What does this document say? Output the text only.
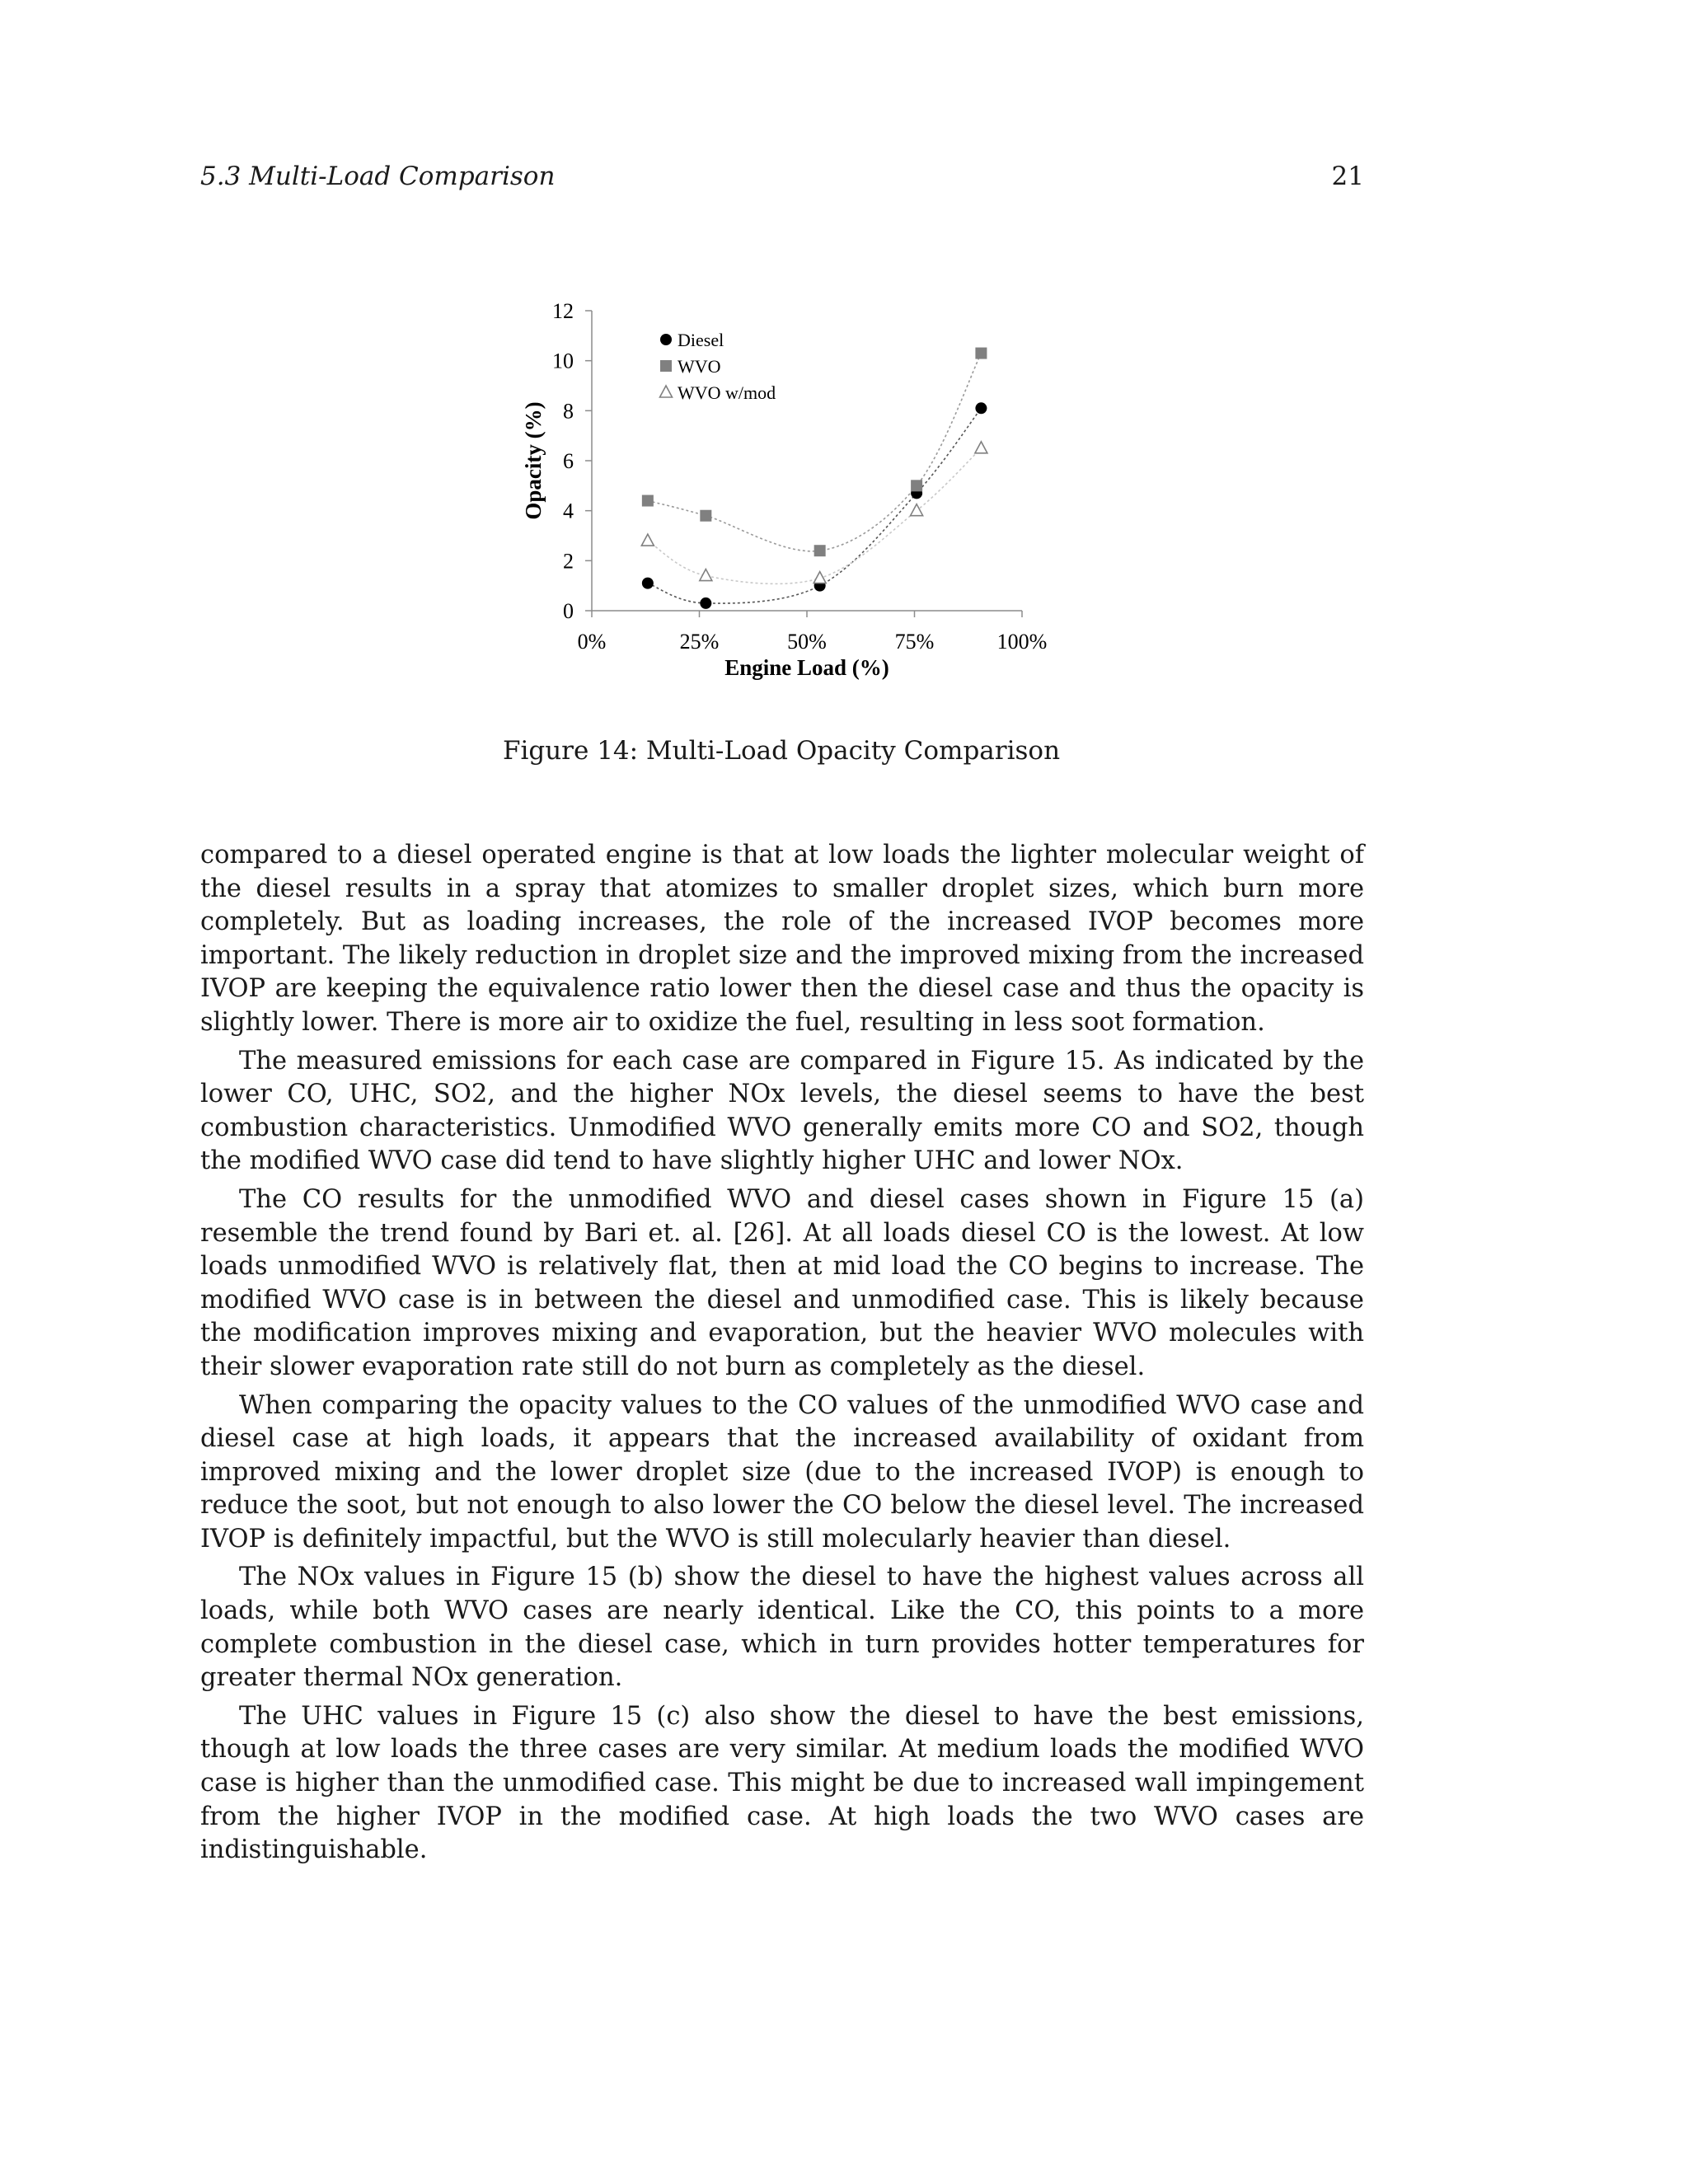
5.3 Multi-Load Comparison	21
0
2
4
6
8
10
12
0%	25%	50%	75%	100%
Engine Load (%)
Opacity (%)
Diesel
WVO
WVO w/mod
Figure 14: Multi-Load Opacity Comparison

compared to a diesel operated engine is that at low loads the lighter molecular weight of the diesel results in a spray that atomizes to smaller droplet sizes, which burn more completely. But as loading increases, the role of the increased IVOP becomes more important. The likely reduction in droplet size and the improved mixing from the increased IVOP are keeping the equivalence ratio lower then the diesel case and thus the opacity is slightly lower. There is more air to oxidize the fuel, resulting in less soot formation.

The measured emissions for each case are compared in Figure 15. As indicated by the lower CO, UHC, SO2, and the higher NOx levels, the diesel seems to have the best combustion characteristics. Unmodified WVO generally emits more CO and SO2, though the modified WVO case did tend to have slightly higher UHC and lower NOx.

The CO results for the unmodified WVO and diesel cases shown in Figure 15 (a) resemble the trend found by Bari et. al. [26]. At all loads diesel CO is the lowest. At low loads unmodified WVO is relatively flat, then at mid load the CO begins to increase. The modified WVO case is in between the diesel and unmodified case. This is likely because the modification improves mixing and evaporation, but the heavier WVO molecules with their slower evaporation rate still do not burn as completely as the diesel.

When comparing the opacity values to the CO values of the unmodified WVO case and diesel case at high loads, it appears that the increased availability of oxidant from improved mixing and the lower droplet size (due to the increased IVOP) is enough to reduce the soot, but not enough to also lower the CO below the diesel level. The increased IVOP is definitely impactful, but the WVO is still molecularly heavier than diesel.

The NOx values in Figure 15 (b) show the diesel to have the highest values across all loads, while both WVO cases are nearly identical. Like the CO, this points to a more complete combustion in the diesel case, which in turn provides hotter temperatures for greater thermal NOx generation.

The UHC values in Figure 15 (c) also show the diesel to have the best emissions, though at low loads the three cases are very similar. At medium loads the modified WVO case is higher than the unmodified case. This might be due to increased wall impingement from the higher IVOP in the modified case. At high loads the two WVO cases are indistinguishable.
